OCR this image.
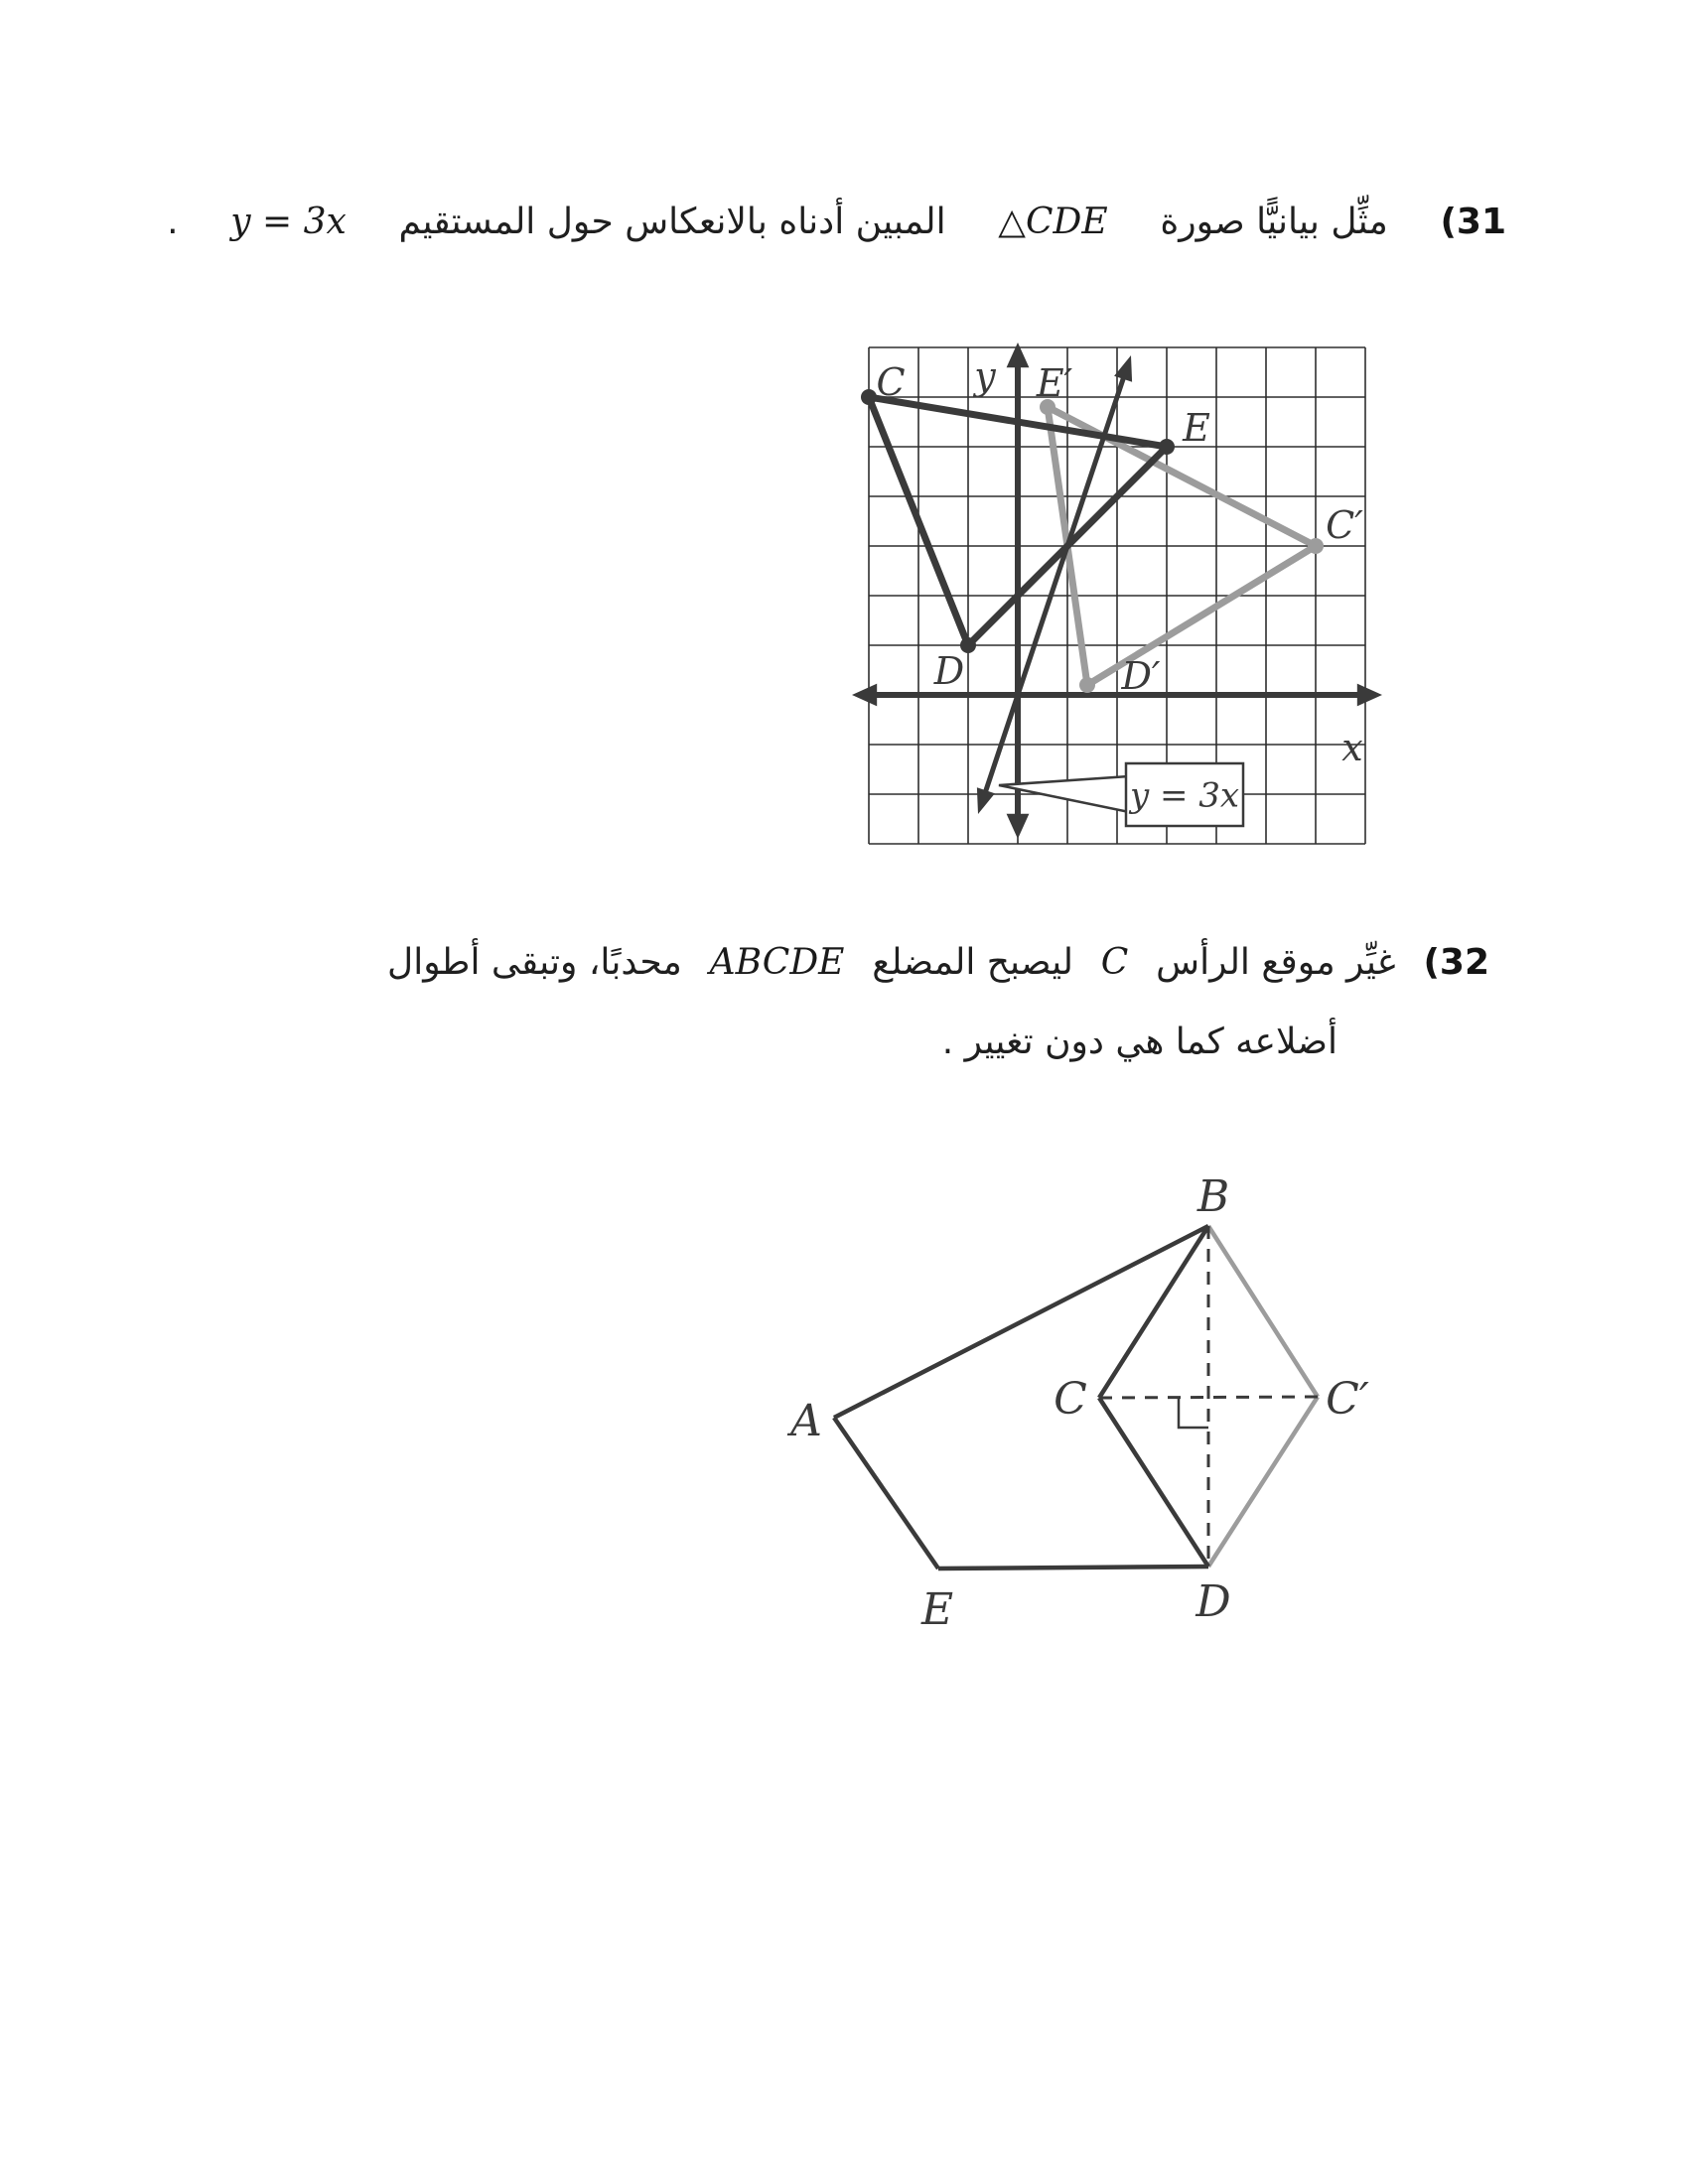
(31
مثِّل بيانيًّا صورة
△CDE
المبين أدناه بالانعكاس حول المستقيم
y = 3x
.
y = 3x
C y E′
E
C′
D	D′
x
(32
غيِّر موقع الرأس
C
ليصبح المضلع
ABCDE
محدبًا، وتبقى أطوال
أضلاعه كما هي دون تغيير .
A
B
C	C′
D
E
